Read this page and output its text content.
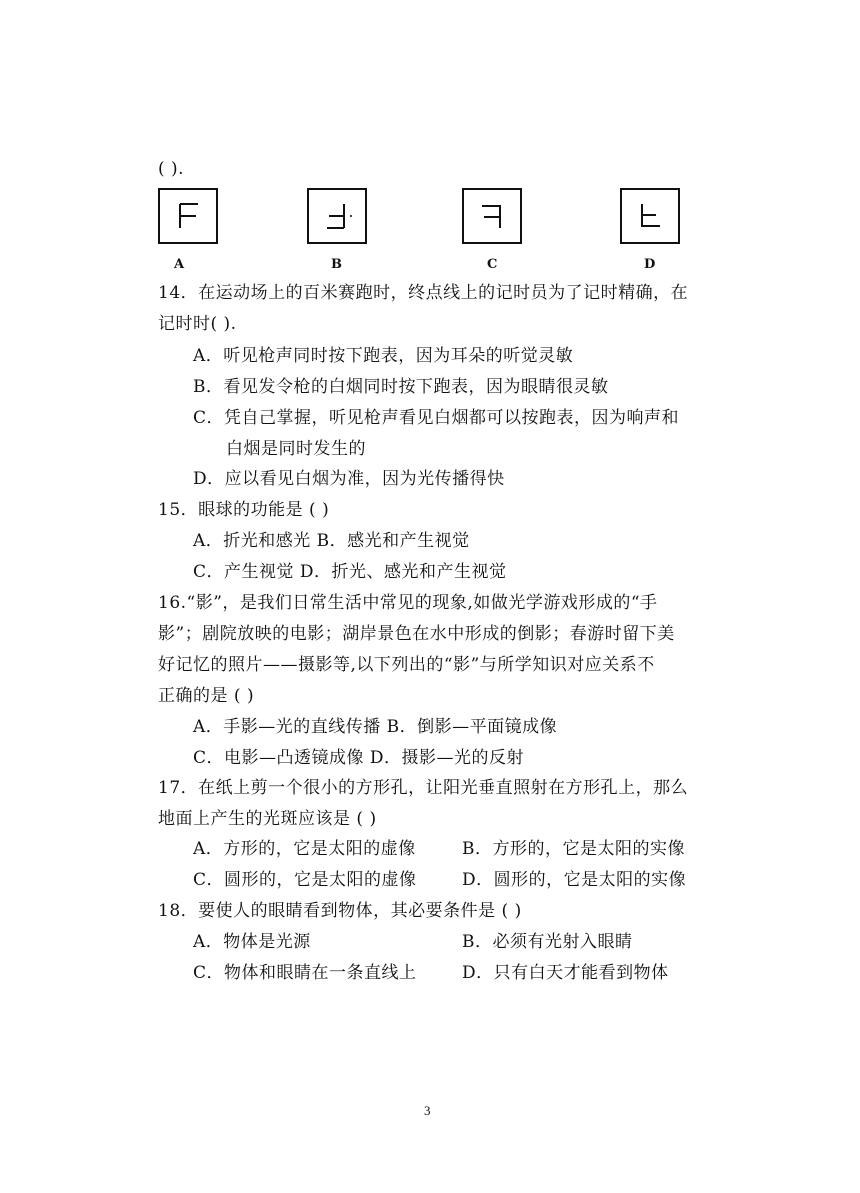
( ).
A	B	C	D
14．在运动场上的百米赛跑时，终点线上的记时员为了记时精确，在
记时时( ).
A．听见枪声同时按下跑表，因为耳朵的听觉灵敏
B．看见发令枪的白烟同时按下跑表，因为眼睛很灵敏
C．凭自己掌握，听见枪声看见白烟都可以按跑表，因为响声和
白烟是同时发生的
D．应以看见白烟为准，因为光传播得快
15．眼球的功能是 ( )
A．折光和感光 B．感光和产生视觉
C．产生视觉 D．折光、感光和产生视觉
16.“影”，是我们日常生活中常见的现象,如做光学游戏形成的“手
影”；剧院放映的电影；湖岸景色在水中形成的倒影；春游时留下美
好记忆的照片——摄影等,以下列出的“影”与所学知识对应关系不
正确的是 ( )
A．手影—光的直线传播 B．倒影—平面镜成像
C．电影—凸透镜成像 D．摄影—光的反射
17．在纸上剪一个很小的方形孔，让阳光垂直照射在方形孔上，那么
地面上产生的光斑应该是 ( )
A．方形的，它是太阳的虚像	B．方形的，它是太阳的实像
C．圆形的，它是太阳的虚像	D．圆形的，它是太阳的实像
18．要使人的眼睛看到物体，其必要条件是 ( )
A．物体是光源	B．必须有光射入眼睛
C．物体和眼睛在一条直线上	D．只有白天才能看到物体
3
